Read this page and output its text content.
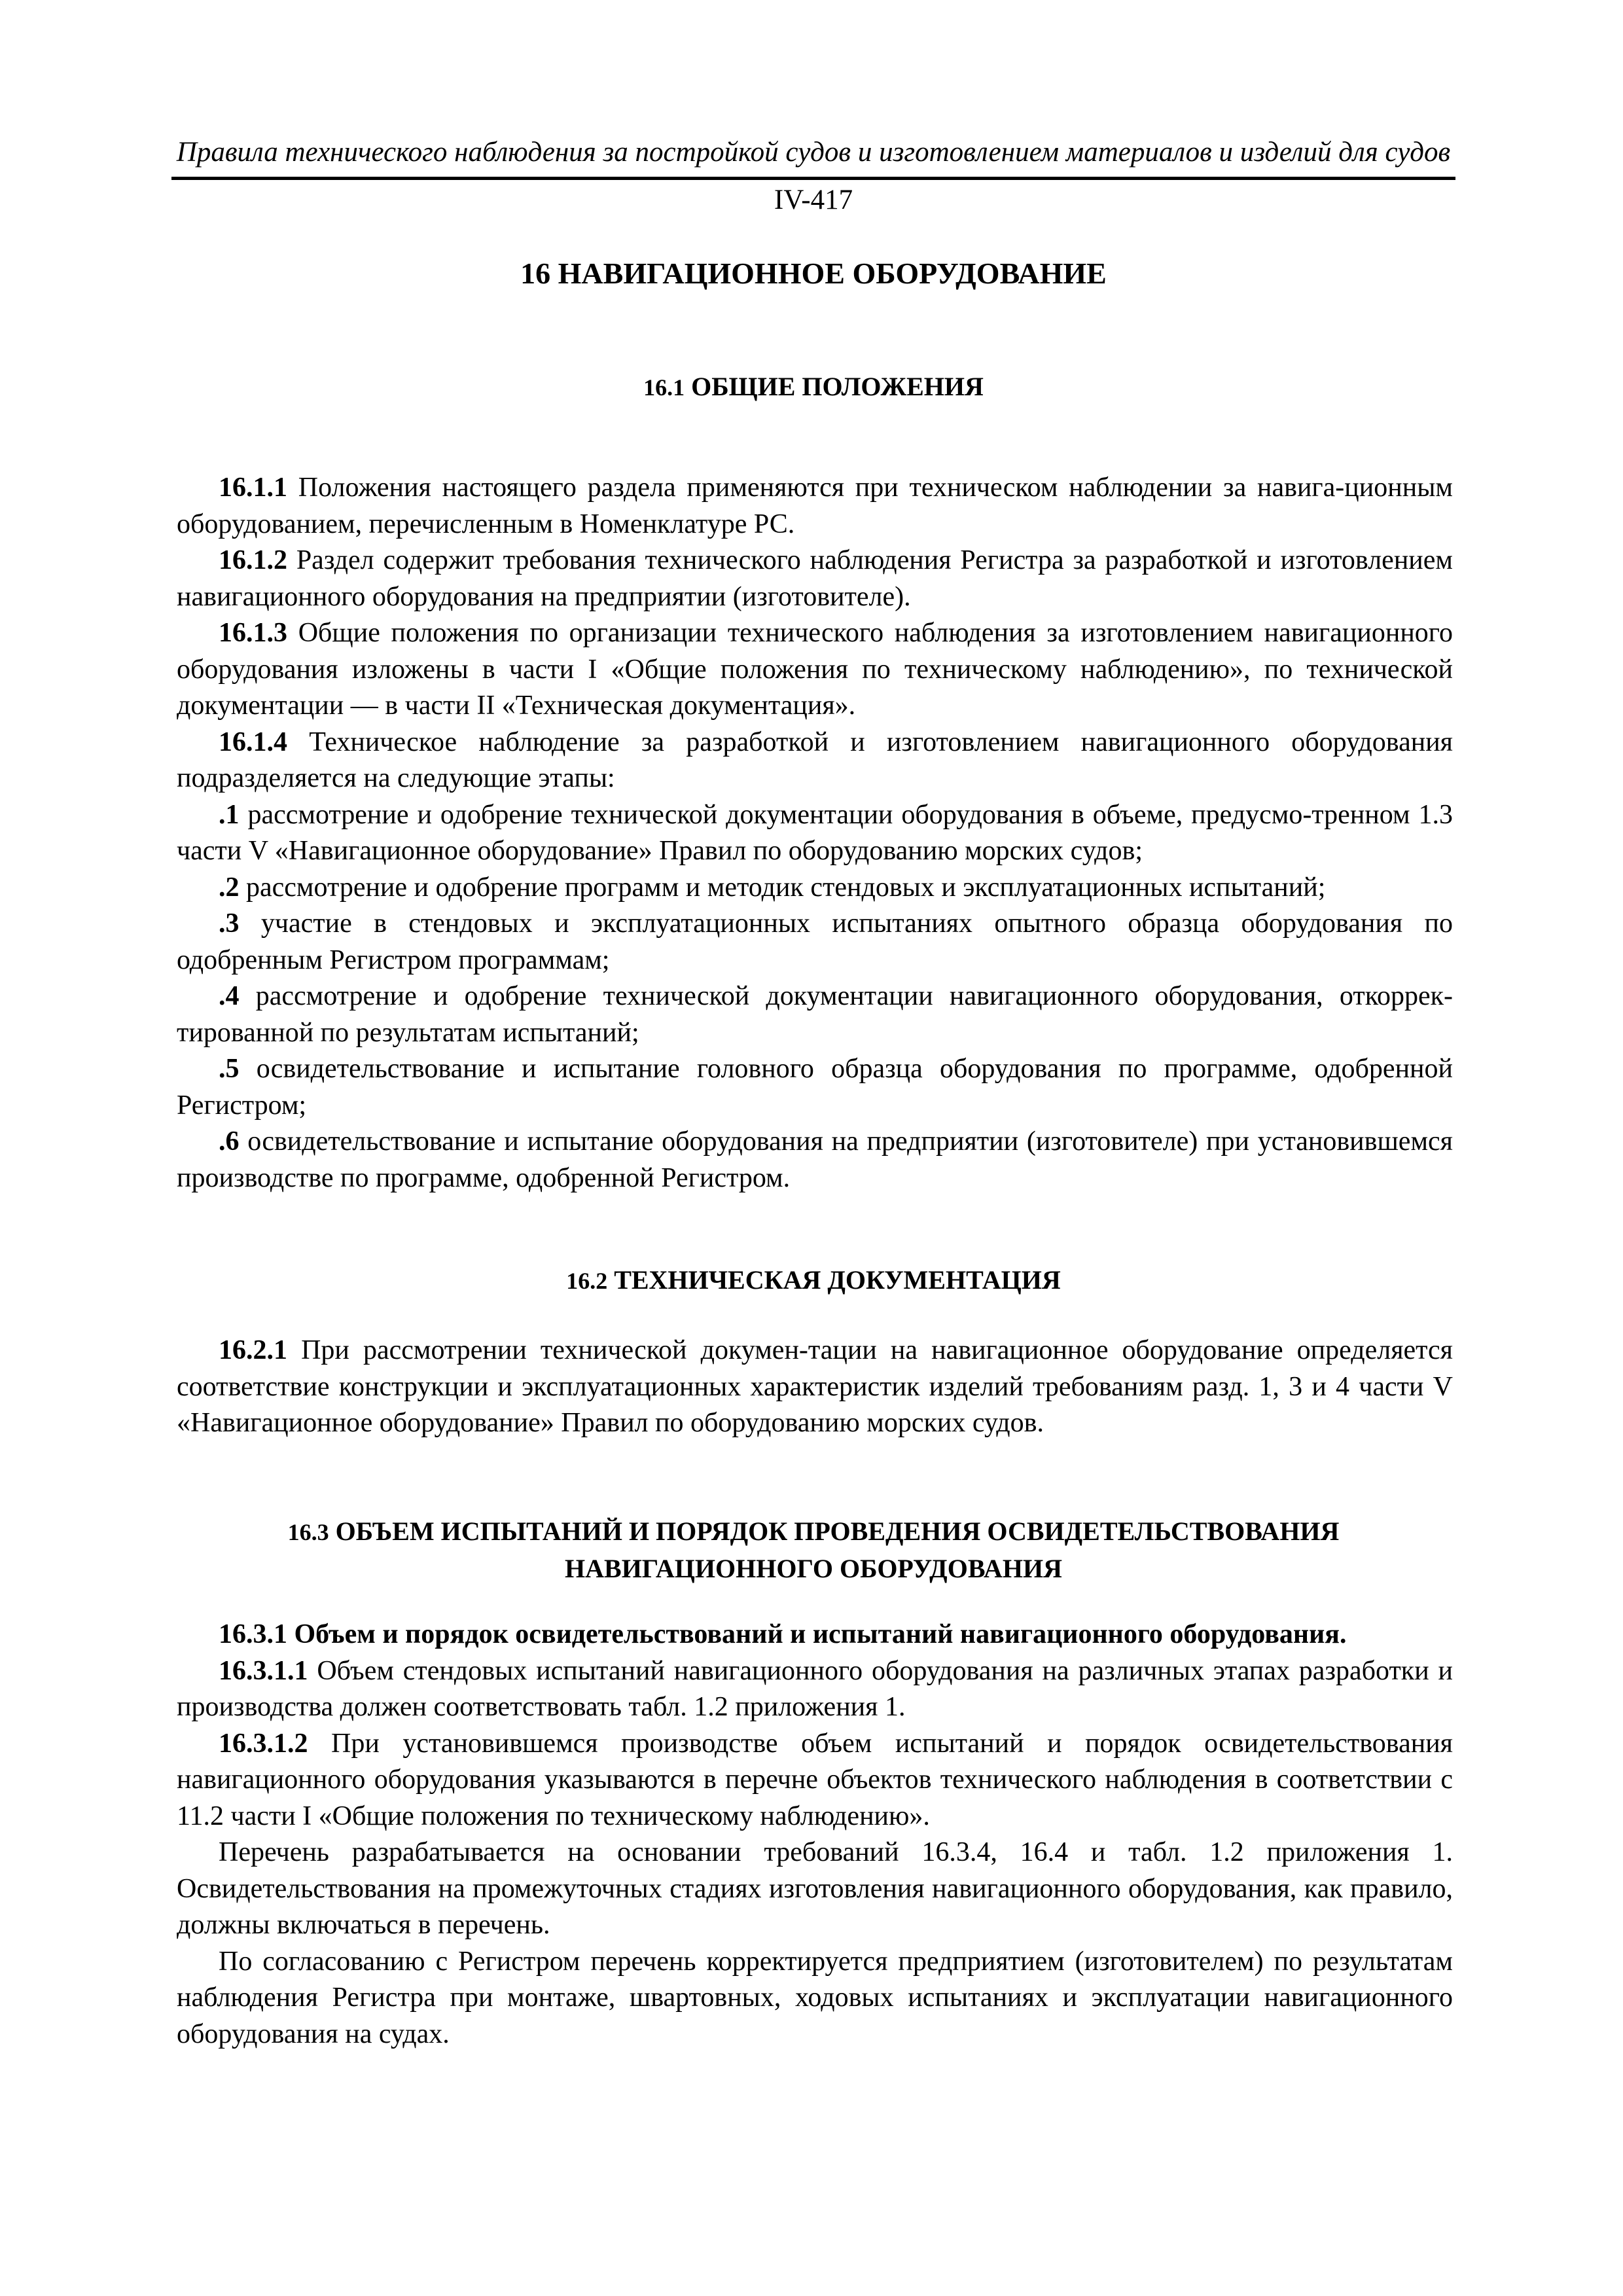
Правила технического наблюдения за постройкой судов и изготовлением материалов и изделий для судов
IV-417
16 НАВИГАЦИОННОЕ ОБОРУДОВАНИЕ
16.1 ОБЩИЕ ПОЛОЖЕНИЯ

16.1.1 Положения настоящего раздела применяются при техническом наблюдении за навига-ционным оборудованием, перечисленным в Номенклатуре РС.

16.1.2 Раздел содержит требования технического наблюдения Регистра за разработкой и изготовлением навигационного оборудования на предприятии (изготовителе).

16.1.3 Общие положения по организации технического наблюдения за изготовлением навигационного оборудования изложены в части I «Общие положения по техническому наблюдению», по технической документации — в части II «Техническая документация».

16.1.4 Техническое наблюдение за разработкой и изготовлением навигационного оборудования подразделяется на следующие этапы:

.1 рассмотрение и одобрение технической документации оборудования в объеме, предусмо-тренном 1.3 части V «Навигационное оборудование» Правил по оборудованию морских судов;

.2 рассмотрение и одобрение программ и методик стендовых и эксплуатационных испытаний;

.3 участие в стендовых и эксплуатационных испытаниях опытного образца оборудования по одобренным Регистром программам;

.4 рассмотрение и одобрение технической документации навигационного оборудования, откоррек-тированной по результатам испытаний;

.5 освидетельствование и испытание головного образца оборудования по программе, одобренной Регистром;

.6 освидетельствование и испытание оборудования на предприятии (изготовителе) при установившемся производстве по программе, одобренной Регистром.

16.2 ТЕХНИЧЕСКАЯ ДОКУМЕНТАЦИЯ

16.2.1 При рассмотрении технической докумен-тации на навигационное оборудование определяется соответствие конструкции и эксплуатационных характеристик изделий требованиям разд. 1, 3 и 4 части V «Навигационное оборудование» Правил по оборудованию морских судов.

16.3 ОБЪЕМ ИСПЫТАНИЙ И ПОРЯДОК ПРОВЕДЕНИЯ ОСВИДЕТЕЛЬСТВОВАНИЯ
НАВИГАЦИОННОГО ОБОРУДОВАНИЯ

16.3.1 Объем и порядок освидетельствований и испытаний навигационного оборудования.

16.3.1.1 Объем стендовых испытаний навигационного оборудования на различных этапах разработки и производства должен соответствовать табл. 1.2 приложения 1.

16.3.1.2 При установившемся производстве объем испытаний и порядок освидетельствования навигационного оборудования указываются в перечне объектов технического наблюдения в соответствии с 11.2 части I «Общие положения по техническому наблюдению».

Перечень разрабатывается на основании требований 16.3.4, 16.4 и табл. 1.2 приложения 1. Освидетельствования на промежуточных стадиях изготовления навигационного оборудования, как правило, должны включаться в перечень.

По согласованию с Регистром перечень корректируется предприятием (изготовителем) по результатам наблюдения Регистра при монтаже, швартовных, ходовых испытаниях и эксплуатации навигационного оборудования на судах.
